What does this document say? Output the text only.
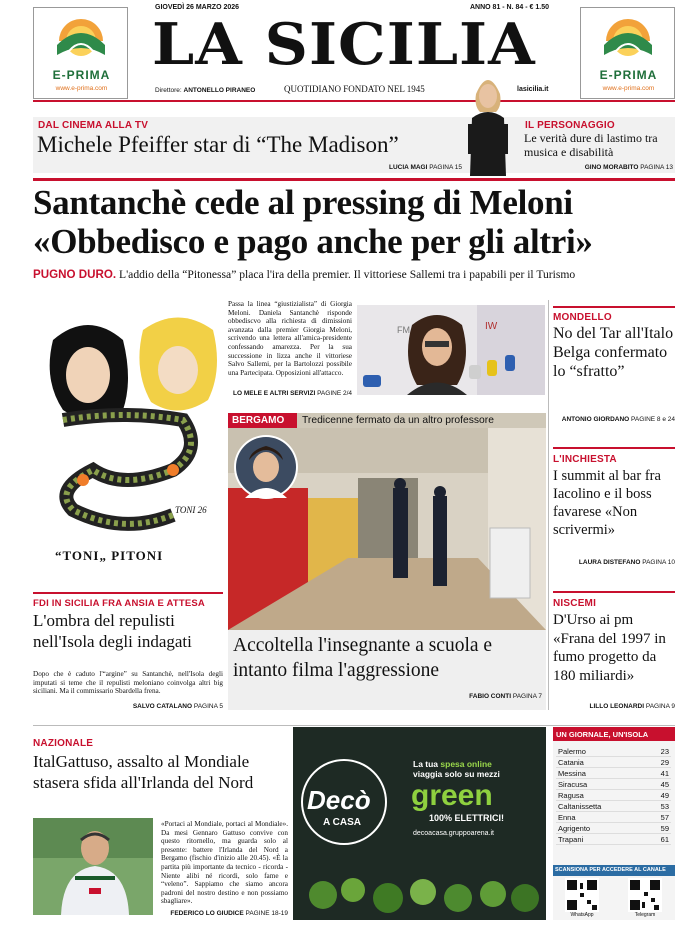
E-PRIMA
www.e-prima.com
E-PRIMA
www.e-prima.com
GIOVEDÌ 26 MARZO 2026	ANNO 81 - N. 84 - € 1.50
LA SICILIA
Direttore: ANTONELLO PIRANEO	QUOTIDIANO FONDATO NEL 1945	lasicilia.it
DAL CINEMA ALLA TV
Michele Pfeiffer star di “The Madison”
LUCIA MAGI PAGINA 15
IL PERSONAGGIO
Le verità dure di lastimo tra musica e disabilità
GINO MORABITO PAGINA 13
Santanchè cede al pressing di Meloni
«Obbedisco e pago anche per gli altri»
PUGNO DURO. L'addio della “Pitonessa” placa l'ira della premier. Il vittoriese Sallemi tra i papabili per il Turismo
TONI 26
“TONI„ PITONI
Passa la linea “giustizialista” di Giorgia Meloni. Daniela Santanchè risponde obbediscvo alla richiesta di dimissioni avanzata dalla premier Giorgia Meloni, scrivendo una lettera all'amica-presidente confessando amarezza. Per la sua successione in lizza anche il vittoriese Salvo Sallemi, per la Bartolozzi possibile una Partecipata. Opposizioni all'attacco.
LO MELE E ALTRI SERVIZI PAGINE 2/4
IW
FM
BERGAMO Tredicenne fermato da un altro professore
Accoltella l'insegnante a scuola e intanto filma l'aggressione
FABIO CONTI PAGINA 7
FDI IN SICILIA FRA ANSIA E ATTESA
L'ombra del repulisti nell'Isola degli indagati
Dopo che è caduto l'“argine” su Santanchè, nell'Isola degli imputati si teme che il repulisti meloniano coinvolga altri big siciliani. Ma il commissario Sbardella frena.
SALVO CATALANO PAGINA 5
MONDELLO
No del Tar all'Italo Belga confermato lo “sfratto”
ANTONIO GIORDANO PAGINE 8 e 24
L'INCHIESTA
I summit al bar fra Iacolino e il boss favarese «Non scrivermi»
LAURA DISTEFANO PAGINA 10
NISCEMI
D'Urso ai pm «Frana del 1997 in fumo progetto da 180 miliardi»
LILLO LEONARDI PAGINA 9
NAZIONALE
ItalGattuso, assalto al Mondiale stasera sfida all'Irlanda del Nord
«Portaci al Mondiale, portaci al Mondiale». Da mesi Gennaro Gattuso convive con questo ritornello, ma guarda solo al presente: battere l'Irlanda del Nord a Bergamo (fischio d'inizio alle 20.45). «È la partita più importante da tecnico - ricorda - Niente alibi né ricordi, solo fame e “veleno”. Sappiamo che siamo ancora padroni del nostro destino e non possiamo sbagliare».
FEDERICO LO GIUDICE PAGINE 18-19
Decò
A CASA
La tua spesa online
viaggia solo su mezzi
green
100% ELETTRICI!
decoacasa.gruppoarena.it
UN GIORNALE, UN'ISOLA
Palermo	23
Catania	29
Messina	41
Siracusa	45
Ragusa	49
Caltanissetta	53
Enna	57
Agrigento	59
Trapani	61
SCANSIONA PER ACCEDERE AL CANALE
WhatsApp	Telegram
